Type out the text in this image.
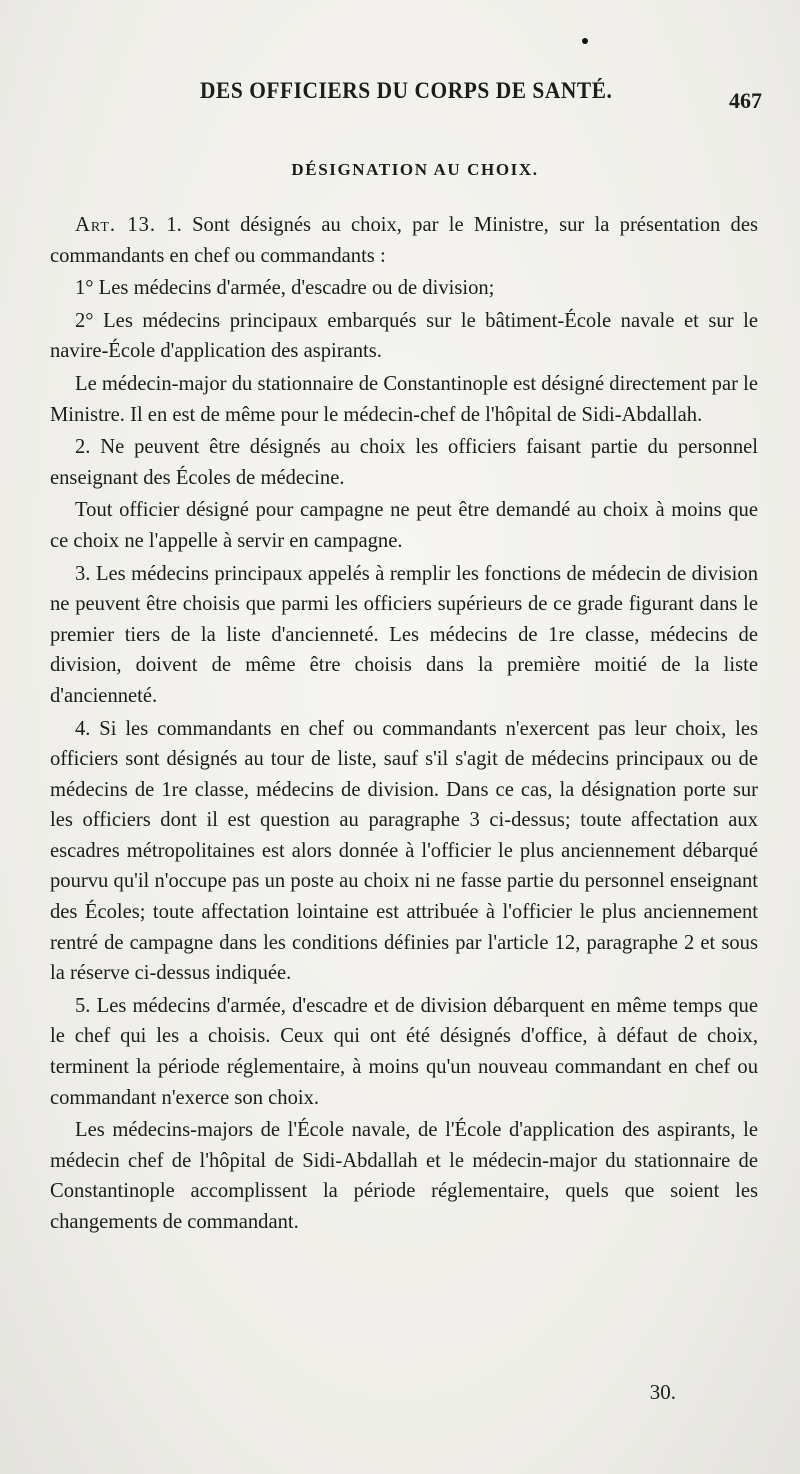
DES OFFICIERS DU CORPS DE SANTÉ.	467
DÉSIGNATION AU CHOIX.

Art. 13. 1. Sont désignés au choix, par le Ministre, sur la présentation des commandants en chef ou commandants :

1° Les médecins d'armée, d'escadre ou de division;

2° Les médecins principaux embarqués sur le bâtiment-École navale et sur le navire-École d'application des aspirants.

Le médecin-major du stationnaire de Constantinople est désigné directement par le Ministre. Il en est de même pour le médecin-chef de l'hôpital de Sidi-Abdallah.

2. Ne peuvent être désignés au choix les officiers faisant partie du personnel enseignant des Écoles de médecine.

Tout officier désigné pour campagne ne peut être demandé au choix à moins que ce choix ne l'appelle à servir en campagne.

3. Les médecins principaux appelés à remplir les fonctions de médecin de division ne peuvent être choisis que parmi les officiers supérieurs de ce grade figurant dans le premier tiers de la liste d'ancienneté. Les médecins de 1re classe, médecins de division, doivent de même être choisis dans la première moitié de la liste d'ancienneté.

4. Si les commandants en chef ou commandants n'exercent pas leur choix, les officiers sont désignés au tour de liste, sauf s'il s'agit de médecins principaux ou de médecins de 1re classe, médecins de division. Dans ce cas, la désignation porte sur les officiers dont il est question au paragraphe 3 ci-dessus; toute affectation aux escadres métropolitaines est alors donnée à l'officier le plus anciennement débarqué pourvu qu'il n'occupe pas un poste au choix ni ne fasse partie du personnel enseignant des Écoles; toute affectation lointaine est attribuée à l'officier le plus anciennement rentré de campagne dans les conditions définies par l'article 12, paragraphe 2 et sous la réserve ci-dessus indiquée.

5. Les médecins d'armée, d'escadre et de division débarquent en même temps que le chef qui les a choisis. Ceux qui ont été désignés d'office, à défaut de choix, terminent la période réglementaire, à moins qu'un nouveau commandant en chef ou commandant n'exerce son choix.

Les médecins-majors de l'École navale, de l'École d'application des aspirants, le médecin chef de l'hôpital de Sidi-Abdallah et le médecin-major du stationnaire de Constantinople accomplissent la période réglementaire, quels que soient les changements de commandant.

30.
